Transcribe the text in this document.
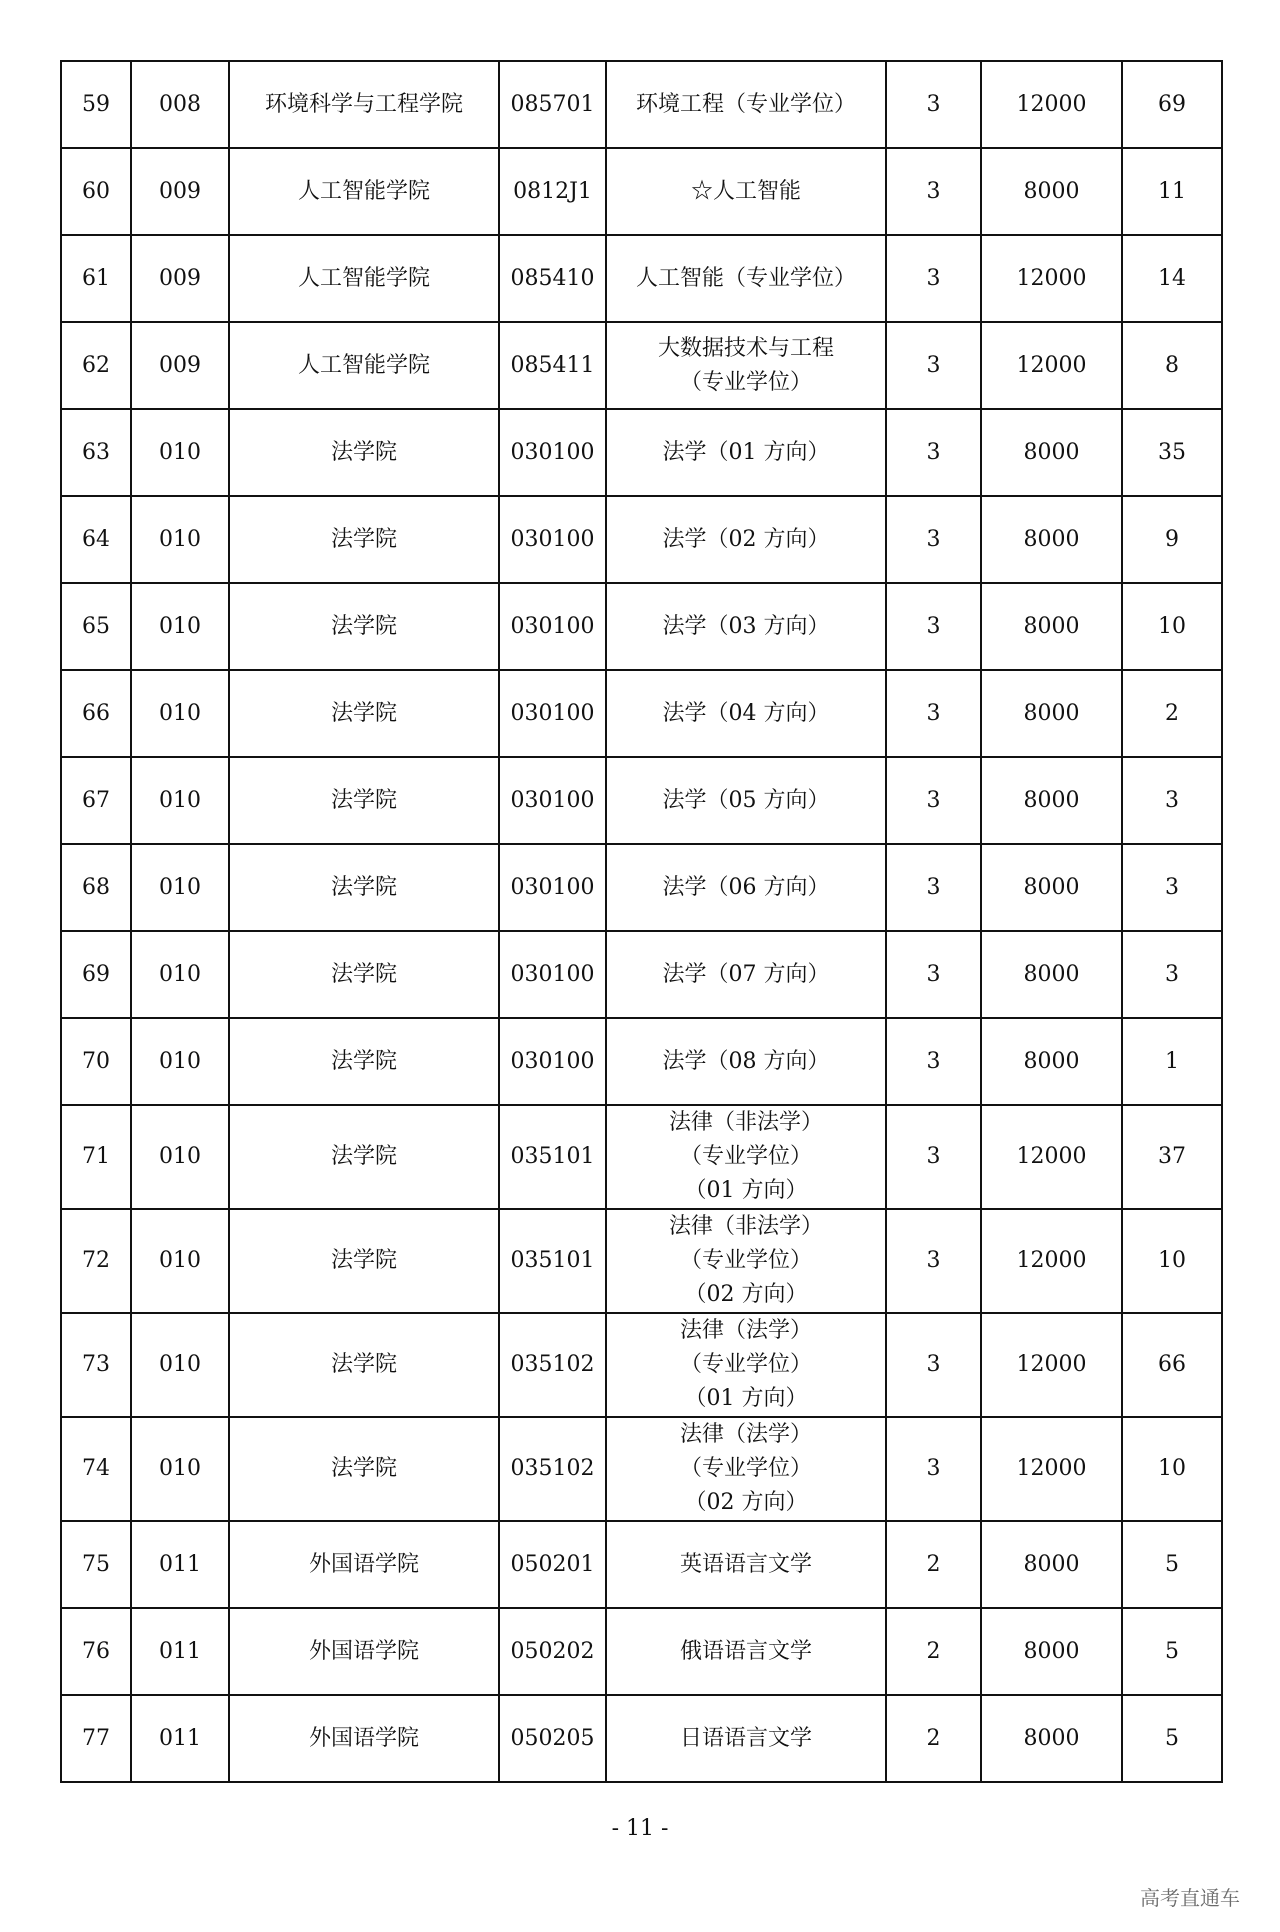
59	008	环境科学与工程学院	085701	环境工程（专业学位）	3	12000	69
60	009	人工智能学院	0812J1	☆人工智能	3	8000	11
61	009	人工智能学院	085410	人工智能（专业学位）	3	12000	14
62	009	人工智能学院	085411	大数据技术与工程
（专业学位）	3	12000	8
63	010	法学院	030100	法学（01 方向）	3	8000	35
64	010	法学院	030100	法学（02 方向）	3	8000	9
65	010	法学院	030100	法学（03 方向）	3	8000	10
66	010	法学院	030100	法学（04 方向）	3	8000	2
67	010	法学院	030100	法学（05 方向）	3	8000	3
68	010	法学院	030100	法学（06 方向）	3	8000	3
69	010	法学院	030100	法学（07 方向）	3	8000	3
70	010	法学院	030100	法学（08 方向）	3	8000	1
71	010	法学院	035101	法律（非法学）
（专业学位）
（01 方向）	3	12000	37
72	010	法学院	035101	法律（非法学）
（专业学位）
（02 方向）	3	12000	10
73	010	法学院	035102	法律（法学）
（专业学位）
（01 方向）	3	12000	66
74	010	法学院	035102	法律（法学）
（专业学位）
（02 方向）	3	12000	10
75	011	外国语学院	050201	英语语言文学	2	8000	5
76	011	外国语学院	050202	俄语语言文学	2	8000	5
77	011	外国语学院	050205	日语语言文学	2	8000	5
- 11 -
高考直通车
